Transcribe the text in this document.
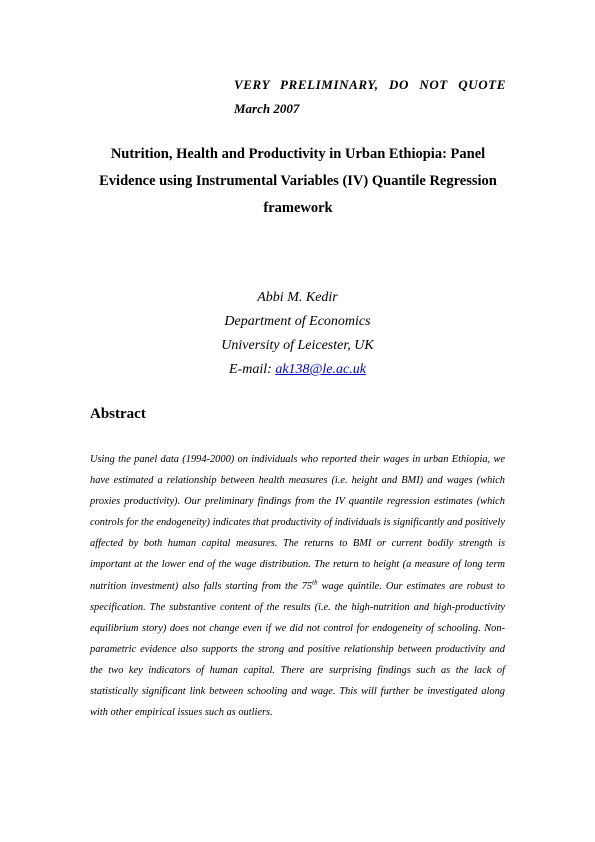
VERY PRELIMINARY, DO NOT QUOTE
March 2007
Nutrition, Health and Productivity in Urban Ethiopia: Panel Evidence using Instrumental Variables (IV) Quantile Regression framework
Abbi M. Kedir
Department of Economics
University of Leicester, UK
E-mail: ak138@le.ac.uk
Abstract
Using the panel data (1994-2000) on individuals who reported their wages in urban Ethiopia, we have estimated a relationship between health measures (i.e. height and BMI) and wages (which proxies productivity). Our preliminary findings from the IV quantile regression estimates (which controls for the endogeneity) indicates that productivity of individuals is significantly and positively affected by both human capital measures. The returns to BMI or current bodily strength is important at the lower end of the wage distribution. The return to height (a measure of long term nutrition investment) also falls starting from the 75th wage quintile. Our estimates are robust to specification. The substantive content of the results (i.e. the high-nutrition and high-productivity equilibrium story) does not change even if we did not control for endogeneity of schooling. Non-parametric evidence also supports the strong and positive relationship between productivity and the two key indicators of human capital. There are surprising findings such as the lack of statistically significant link between schooling and wage. This will further be investigated along with other empirical issues such as outliers.
